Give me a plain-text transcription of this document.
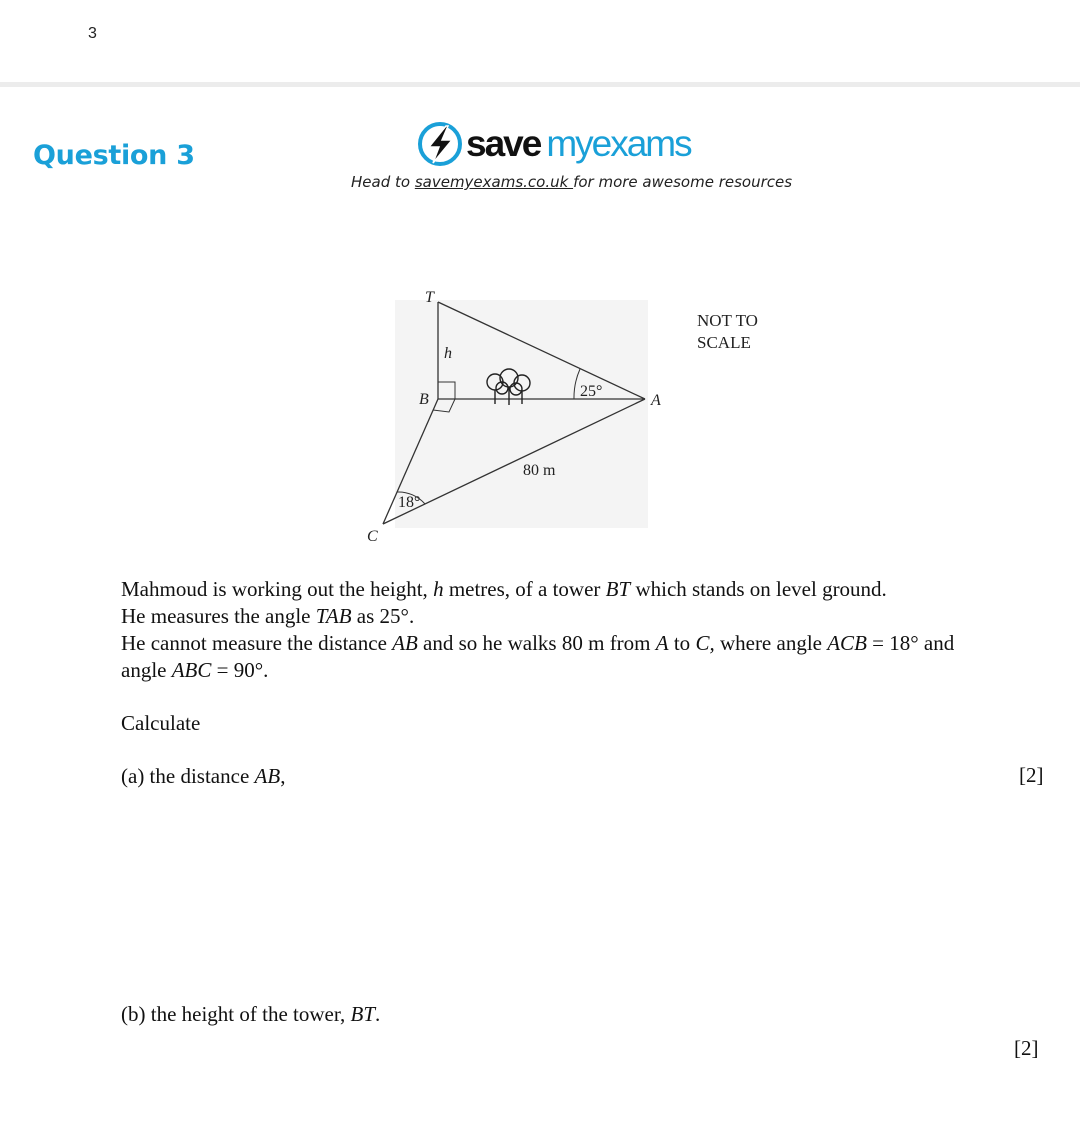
3
Question 3	save myexams
Head to savemyexams.co.uk for more awesome resources
T
h
B	A
C
25°
18°
80 m
NOT TO
SCALE

Mahmoud is working out the height, h metres, of a tower BT which stands on level ground.

He measures the angle TAB as 25°.

He cannot measure the distance AB and so he walks 80 m from A to C, where angle ACB = 18° and

angle ABC = 90°.

Calculate
(a) the distance AB,	[2]
(b) the height of the tower, BT.
[2]
